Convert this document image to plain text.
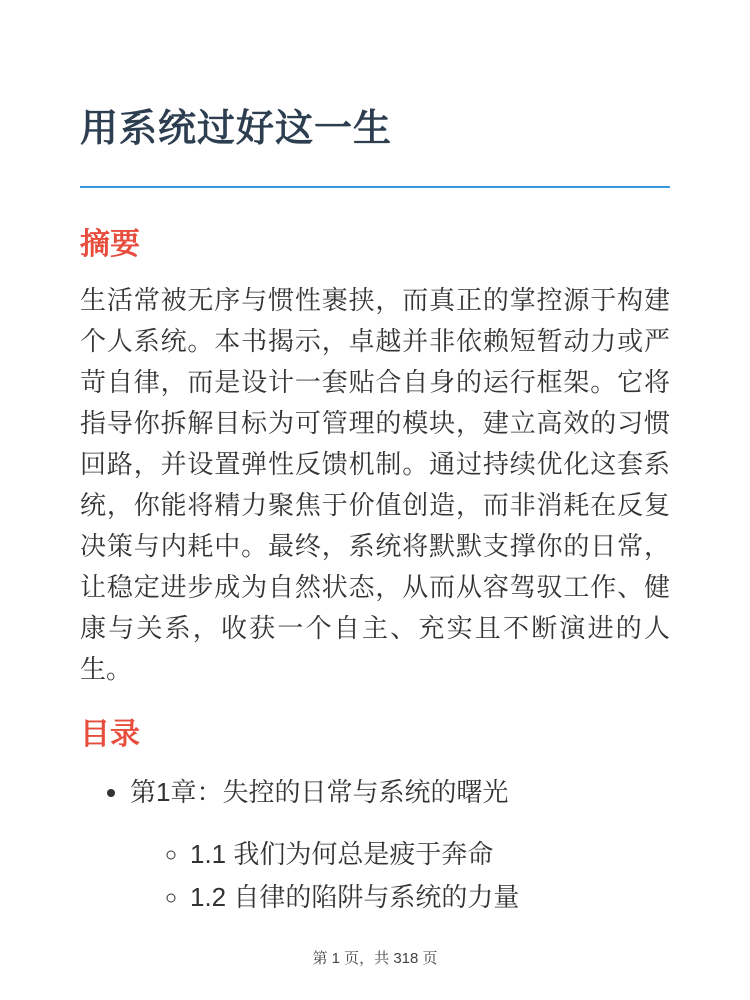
用系统过好这一生
摘要

生活常被无序与惯性裹挟，而真正的掌控源于构建个人系统。本书揭示，卓越并非依赖短暂动力或严苛自律，而是设计一套贴合自身的运行框架。它将指导你拆解目标为可管理的模块，建立高效的习惯回路，并设置弹性反馈机制。通过持续优化这套系统，你能将精力聚焦于价值创造，而非消耗在反复决策与内耗中。最终，系统将默默支撑你的日常，让稳定进步成为自然状态，从而从容驾驭工作、健康与关系，收获一个自主、充实且不断演进的人生。

目录
• 第1章：失控的日常与系统的曙光
◦ 1.1 我们为何总是疲于奔命
◦ 1.2 自律的陷阱与系统的力量
第 1 页，共 318 页
